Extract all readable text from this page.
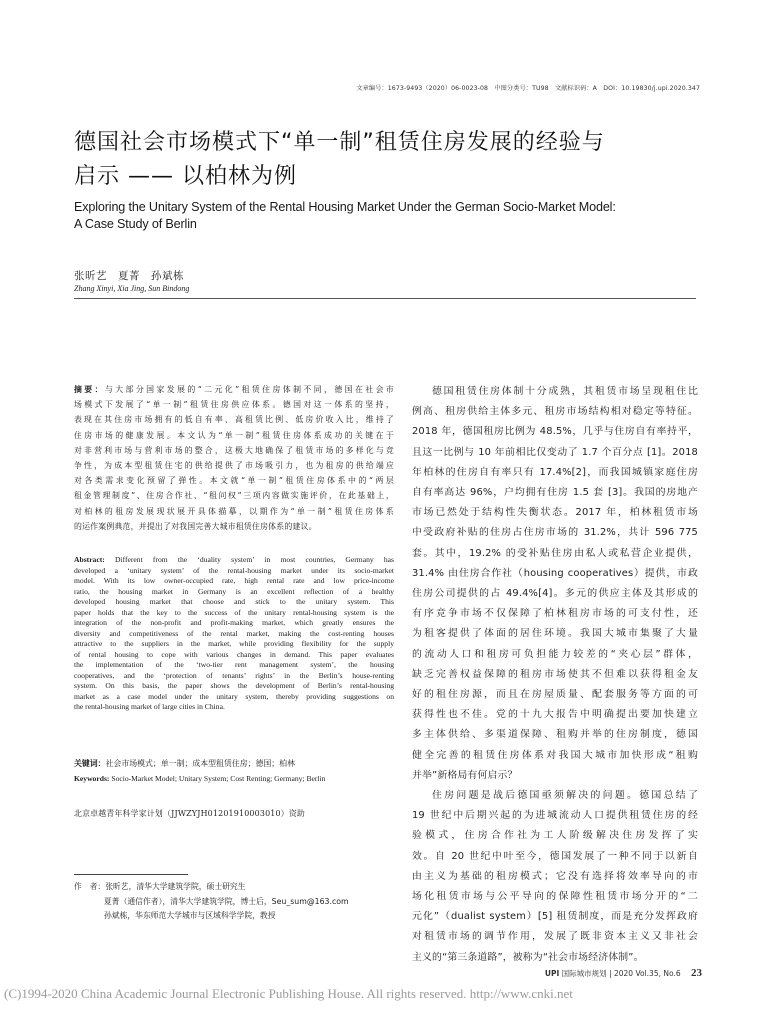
文章编号：1673-9493（2020）06-0023-08　中图分类号：TU98　文献标识码：A　DOI：10.19830/j.upi.2020.347
德国社会市场模式下“单一制”租赁住房发展的经验与
启示 —— 以柏林为例
Exploring the Unitary System of the Rental Housing Market Under the German Socio-Market Model:
A Case Study of Berlin
张昕艺　夏菁　孙斌栋
Zhang Xinyi, Xia Jing, Sun Bindong
摘要：与大部分国家发展的“二元化”租赁住房体制不同，德国在社会市
场模式下发展了“单一制”租赁住房供应体系。德国对这一体系的坚持，
表现在其住房市场拥有的低自有率、高租赁比例、低房价收入比，维持了
住房市场的健康发展。本文认为“单一制”租赁住房体系成功的关键在于
对非营利市场与营利市场的整合，这极大地确保了租赁市场的多样化与竞
争性，为成本型租赁住宅的供给提供了市场吸引力，也为租房的供给端应
对各类需求变化预留了弹性。本文就“单一制”租赁住房体系中的“两层
租金管理制度”、住房合作社、“租问权”三项内容做实施评价，在此基础上，
对柏林的租房发展现状展开具体描摹，以期作为“单一制”租赁住房体系
的运作案例典范，并提出了对我国完善大城市租赁住房体系的建议。
Abstract: Different from the ‘duality system’ in most countries, Germany has
developed a ‘unitary system’ of the rental-housing market under its socio-market
model. With its low owner-occupied rate, high rental rate and low price-income
ratio, the housing market in Germany is an excellent reflection of a healthy
developed housing market that choose and stick to the unitary system. This
paper holds that the key to the success of the unitary rental-housing system is the
integration of the non-profit and profit-making market, which greatly ensures the
diversity and competitiveness of the rental market, making the cost-renting houses
attractive to the suppliers in the market, while providing flexibility for the supply
of rental housing to cope with various changes in demand. This paper evaluates
the implementation of the ‘two-tier rent management system’, the housing
cooperatives, and the ‘protection of tenants’ rights’ in the Berlin’s house-renting
system. On this basis, the paper shows the development of Berlin’s rental-housing
market as a case model under the unitary system, thereby providing suggestions on
the rental-housing market of large cities in China.
关键词：社会市场模式；单一制；成本型租赁住房；德国；柏林
Keywords: Socio-Market Model; Unitary System; Cost Renting; Germany; Berlin
北京卓越青年科学家计划（JJWZYJH01201910003010）资助
作　者：张昕艺，清华大学建筑学院，硕士研究生
夏菁（通信作者），清华大学建筑学院，博士后，Seu_sum@163.com
孙斌栋，华东师范大学城市与区域科学学院，教授
德国租赁住房体制十分成熟，其租赁市场呈现租住比
例高、租房供给主体多元、租房市场结构相对稳定等特征。
2018 年，德国租房比例为 48.5%，几乎与住房自有率持平，
且这一比例与 10 年前相比仅变动了 1.7 个百分点 [1]。2018
年柏林的住房自有率只有 17.4%[2]，而我国城镇家庭住房
自有率高达 96%，户均拥有住房 1.5 套 [3]。我国的房地产
市场已然处于结构性失衡状态。2017 年，柏林租赁市场
中受政府补贴的住房占住房市场的 31.2%，共计 596 775
套。其中，19.2% 的受补贴住房由私人或私营企业提供，
31.4% 由住房合作社（housing cooperatives）提供，市政
住房公司提供的占 49.4%[4]。多元的供应主体及其形成的
有序竞争市场不仅保障了柏林租房市场的可支付性，还
为租客提供了体面的居住环境。我国大城市集聚了大量
的流动人口和租房可负担能力较差的“夹心层”群体，
缺乏完善权益保障的租房市场使其不但难以获得租金友
好的租住房源，而且在房屋质量、配套服务等方面的可
获得性也不佳。党的十九大报告中明确提出要加快建立
多主体供给、多渠道保障、租购并举的住房制度，德国
健全完善的租赁住房体系对我国大城市加快形成“租购
并举”新格局有何启示？
住房问题是战后德国亟须解决的问题。德国总结了
19 世纪中后期兴起的为进城流动人口提供租赁住房的经
验模式，住房合作社为工人阶级解决住房发挥了实
效。自 20 世纪中叶至今，德国发展了一种不同于以新自
由主义为基础的租房模式；它没有选择将效率导向的市
场化租赁市场与公平导向的保障性租赁市场分开的“二
元化”（dualist system）[5] 租赁制度，而是充分发挥政府
对租赁市场的调节作用，发展了既非资本主义又非社会
主义的“第三条道路”，被称为“社会市场经济体制”。
UPI 国际城市规划 | 2020 Vol.35, No.6 23
(C)1994-2020 China Academic Journal Electronic Publishing House. All rights reserved. http://www.cnki.net
